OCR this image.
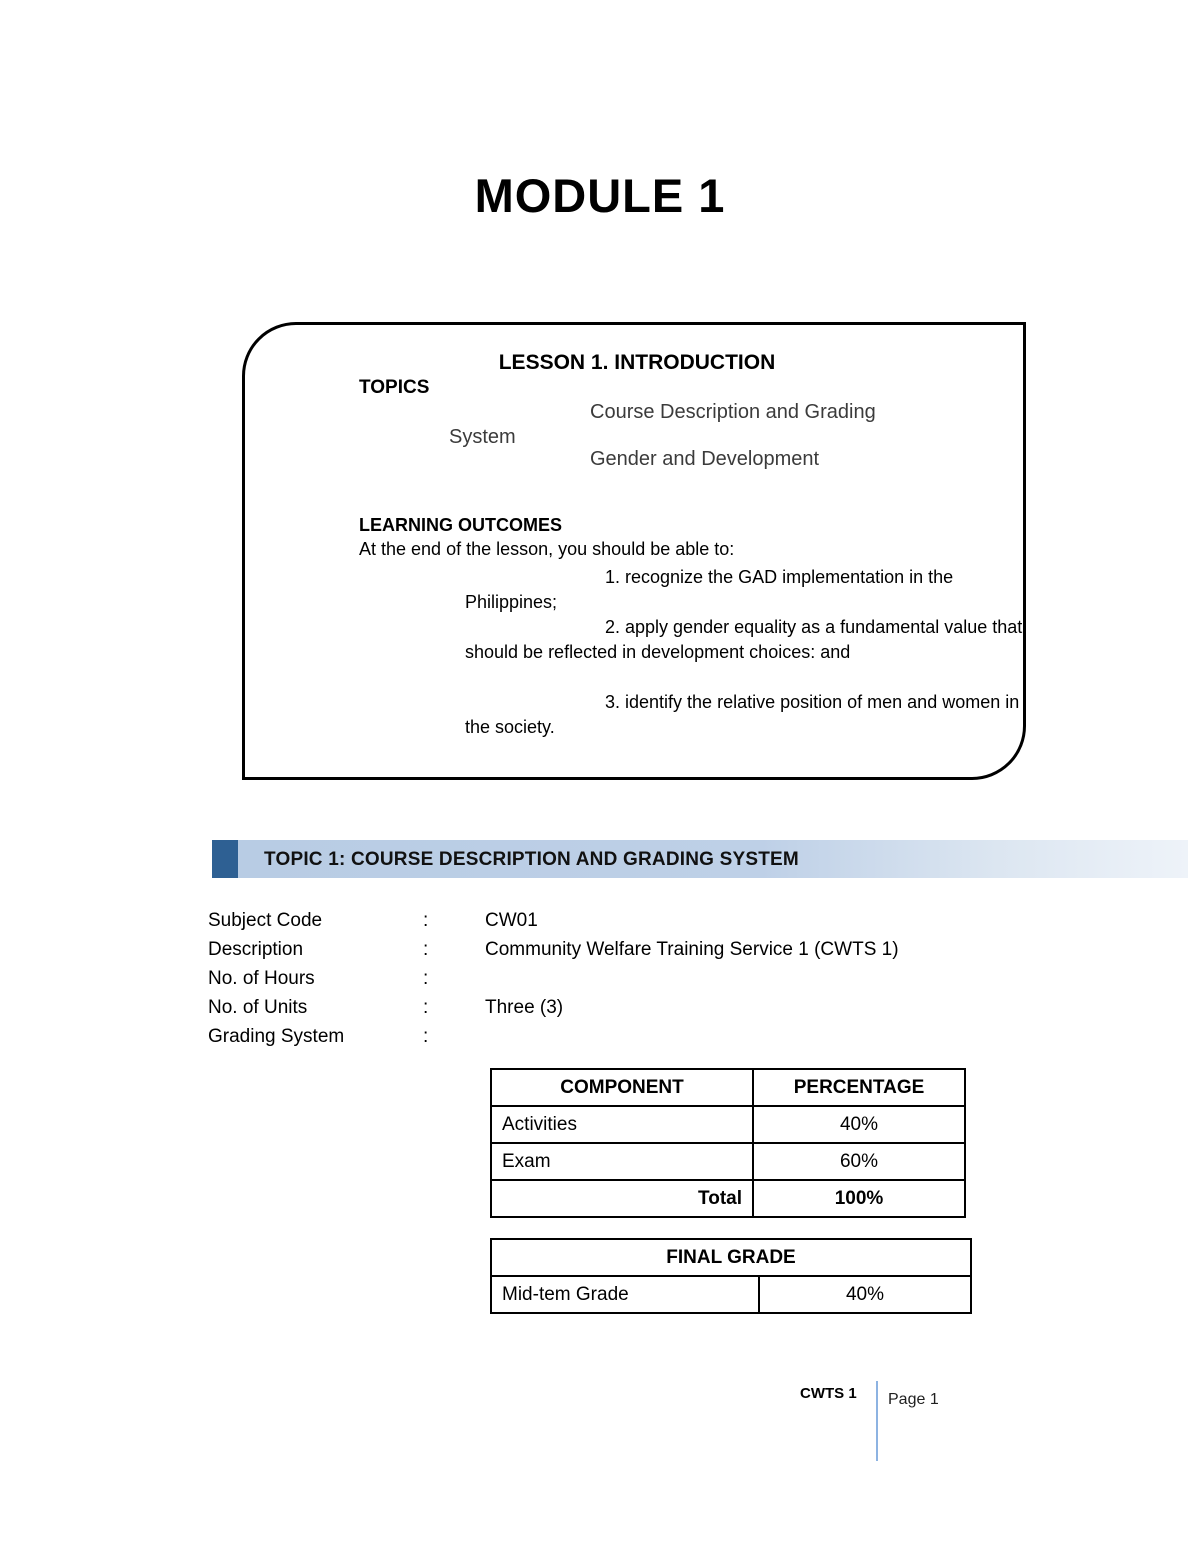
MODULE 1
LESSON 1. INTRODUCTION
TOPICS
Course Description and Grading
System
Gender and Development
LEARNING OUTCOMES
At the end of the lesson, you should be able to:
1. recognize the GAD implementation in the Philippines;
2. apply gender equality as a fundamental value that should be reflected in development choices: and
3. identify the relative position of men and women in the society.
TOPIC 1: COURSE DESCRIPTION AND GRADING SYSTEM
Subject Code	:	CW01
Description	:	Community Welfare Training Service 1 (CWTS 1)
No. of Hours	:
No. of Units	:	Three (3)
Grading System	:
COMPONENT	PERCENTAGE
Activities	40%
Exam	60%
Total	100%
FINAL GRADE
Mid-tem Grade	40%
CWTS 1 Page 1
